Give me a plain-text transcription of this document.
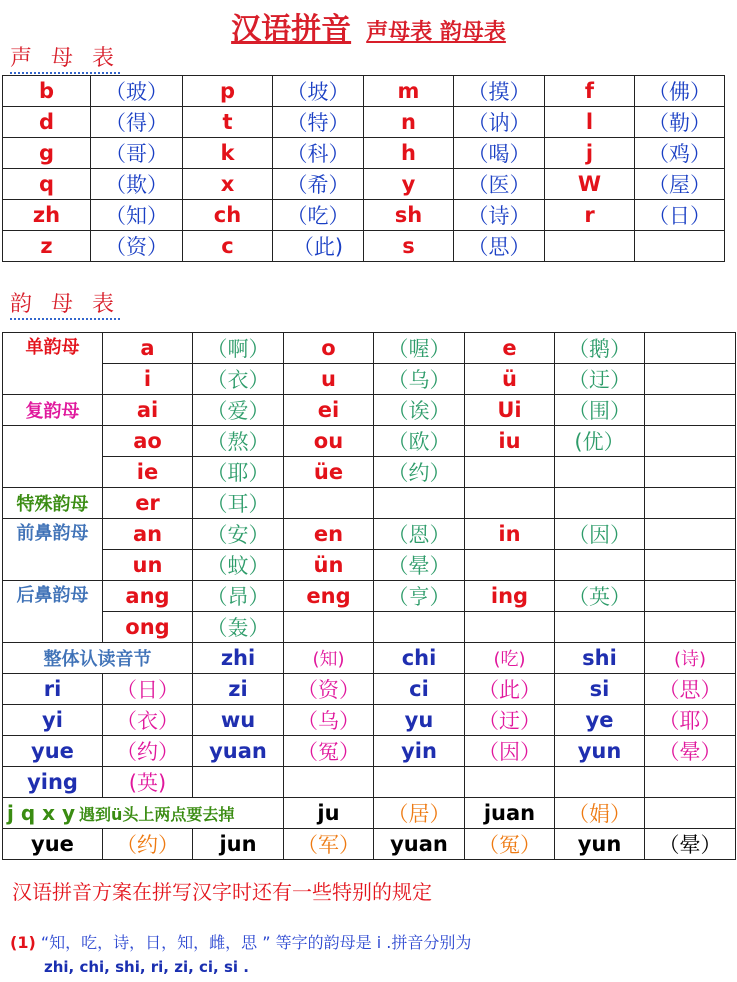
汉语拼音 声母表 韵母表
声 母 表
b	（玻）	p	（坡）	m	（摸）	f	（佛）
d	（得）	t	（特）	n	（讷）	l	（勒）
g	（哥）	k	（科）	h	（喝）	j	（鸡）
q	（欺）	x	（希）	y	（医）	W	（屋）
zh	（知）	ch	（吃）	sh	（诗）	r	（日）
z	（资）	c	（此)	s	（思）		
韵 母 表
单韵母	a	（啊）	o	（喔）	e	（鹅）	
	i	（衣）	u	（乌）	ü	（迂）	
复韵母	ai	（爱）	ei	（诶）	Ui	（围）	
	ao	（熬）	ou	（欧）	iu	(优）	
	ie	（耶）	üe	（约）			
特殊韵母	er	（耳）					
前鼻韵母	an	（安）	en	（恩）	in	（因）	
	un	（蚊）	ün	（晕）			
后鼻韵母	ang	（昂）	eng	（亨）	ing	（英）	
	ong	（轰）					
整体认读音节		zhi	(知)	chi	(吃)	shi	(诗)
ri	（日）	zi	（资）	ci	（此）	si	（思）
yi	（衣）	wu	（乌）	yu	（迂）	ye	（耶）
yue	（约）	yuan	（冤）	yin	（因）	yun	（晕）
ying	(英)						
j q x y 遇到ü头上两点要去掉			ju	（居）	juan	（娟）	
yue	（约）	jun	（军）	yuan	（冤）	yun	（晕）
汉语拼音方案在拼写汉字时还有一些特别的规定
(1) “知，吃，诗，日，知，雌，思 ” 等字的韵母是 i .拼音分别为
zhi, chi, shi, ri, zi, ci, si .
